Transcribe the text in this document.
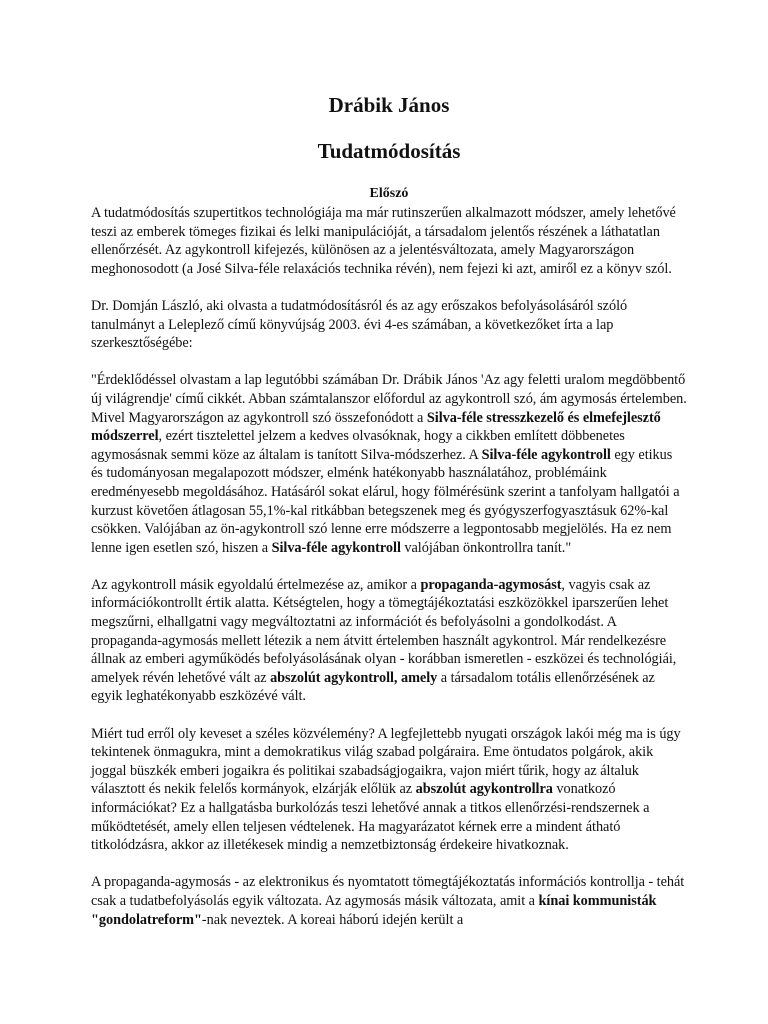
Drábik János
Tudatmódosítás
Előszó

A tudatmódosítás szupertitkos technológiája ma már rutinszerűen alkalmazott módszer, amely lehetővé teszi az emberek tömeges fizikai és lelki manipulációját, a társadalom jelentős részének a láthatatlan ellenőrzését. Az agykontroll kifejezés, különösen az a jelentésváltozata, amely Magyarországon meghonosodott (a José Silva-féle relaxációs technika révén), nem fejezi ki azt, amiről ez a könyv szól.

Dr. Domján László, aki olvasta a tudatmódosításról és az agy erőszakos befolyásolásáról szóló tanulmányt a Leleplező című könyvújság 2003. évi 4-es számában, a következőket írta a lap szerkesztőségébe:

"Érdeklődéssel olvastam a lap legutóbbi számában Dr. Drábik János 'Az agy feletti uralom megdöbbentő új világrendje' című cikkét. Abban számtalanszor előfordul az agykontroll szó, ám agymosás értelemben. Mivel Magyarországon az agykontroll szó összefonódott a Silva-féle stresszkezelő és elmefejlesztő módszerrel, ezért tisztelettel jelzem a kedves olvasóknak, hogy a cikkben említett döbbenetes agymosásnak semmi köze az általam is tanított Silva-módszerhez. A Silva-féle agykontroll egy etikus és tudományosan megalapozott módszer, elménk hatékonyabb használatához, problémáink eredményesebb megoldásához. Hatásáról sokat elárul, hogy fölmérésünk szerint a tanfolyam hallgatói a kurzust követően átlagosan 55,1%-kal ritkábban betegszenek meg és gyógyszerfogyasztásuk 62%-kal csökken. Valójában az ön-agykontroll szó lenne erre módszerre a legpontosabb megjelölés. Ha ez nem lenne igen esetlen szó, hiszen a Silva-féle agykontroll valójában önkontrollra tanít."

Az agykontroll másik egyoldalú értelmezése az, amikor a propaganda-agymosást, vagyis csak az információkontrollt értik alatta. Kétségtelen, hogy a tömegtájékoztatási eszközökkel iparszerűen lehet megszűrni, elhallgatni vagy megváltoztatni az információt és befolyásolni a gondolkodást. A propaganda-agymosás mellett létezik a nem átvitt értelemben használt agykontrol. Már rendelkezésre állnak az emberi agyműködés befolyásolásának olyan - korábban ismeretlen - eszközei és technológiái, amelyek révén lehetővé vált az abszolút agykontroll, amely a társadalom totális ellenőrzésének az egyik leghatékonyabb eszközévé vált.

Miért tud erről oly keveset a széles közvélemény? A legfejlettebb nyugati országok lakói még ma is úgy tekintenek önmagukra, mint a demokratikus világ szabad polgáraira. Eme öntudatos polgárok, akik joggal büszkék emberi jogaikra és politikai szabadságjogaikra, vajon miért tűrik, hogy az általuk választott és nekik felelős kormányok, elzárják előlük az abszolút agykontrollra vonatkozó információkat? Ez a hallgatásba burkolózás teszi lehetővé annak a titkos ellenőrzési-rendszernek a működtetését, amely ellen teljesen védtelenek. Ha magyarázatot kérnek erre a mindent átható titkolódzásra, akkor az illetékesek mindig a nemzetbiztonság érdekeire hivatkoznak.

A propaganda-agymosás - az elektronikus és nyomtatott tömegtájékoztatás információs kontrollja - tehát csak a tudatbefolyásolás egyik változata. Az agymosás másik változata, amit a kínai kommunisták "gondolatreform"-nak neveztek. A koreai háború idején került a
